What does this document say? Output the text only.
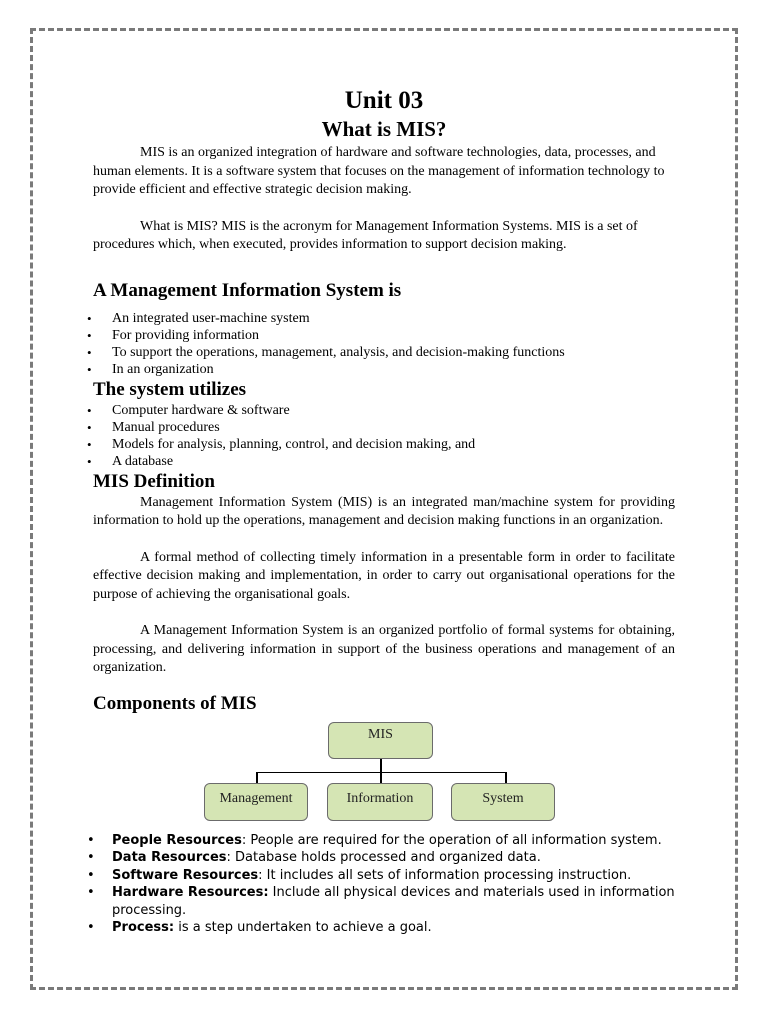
Unit 03
What is MIS?

MIS is an organized integration of hardware and software technologies, data, processes, and human elements. It is a software system that focuses on the management of information technology to provide efficient and effective strategic decision making.

What is MIS? MIS is the acronym for Management Information Systems. MIS is a set of procedures which, when executed, provides information to support decision making.

A Management Information System is
• An integrated user-machine system
• For providing information
• To support the operations, management, analysis, and decision-making functions
• In an organization
The system utilizes
• Computer hardware & software
• Manual procedures
• Models for analysis, planning, control, and decision making, and
• A database
MIS Definition

Management Information System (MIS) is an integrated man/machine system for providing information to hold up the operations, management and decision making functions in an organization.

A formal method of collecting timely information in a presentable form in order to facilitate effective decision making and implementation, in order to carry out organisational operations for the purpose of achieving the organisational goals.

A Management Information System is an organized portfolio of formal systems for obtaining, processing, and delivering information in support of the business operations and management of an organization.

Components of MIS
MIS
Management	Information	System
• People Resources: People are required for the operation of all information system.
• Data Resources: Database holds processed and organized data.
• Software Resources: It includes all sets of information processing instruction.
• Hardware Resources: Include all physical devices and materials used in information processing.
• Process: is a step undertaken to achieve a goal.
